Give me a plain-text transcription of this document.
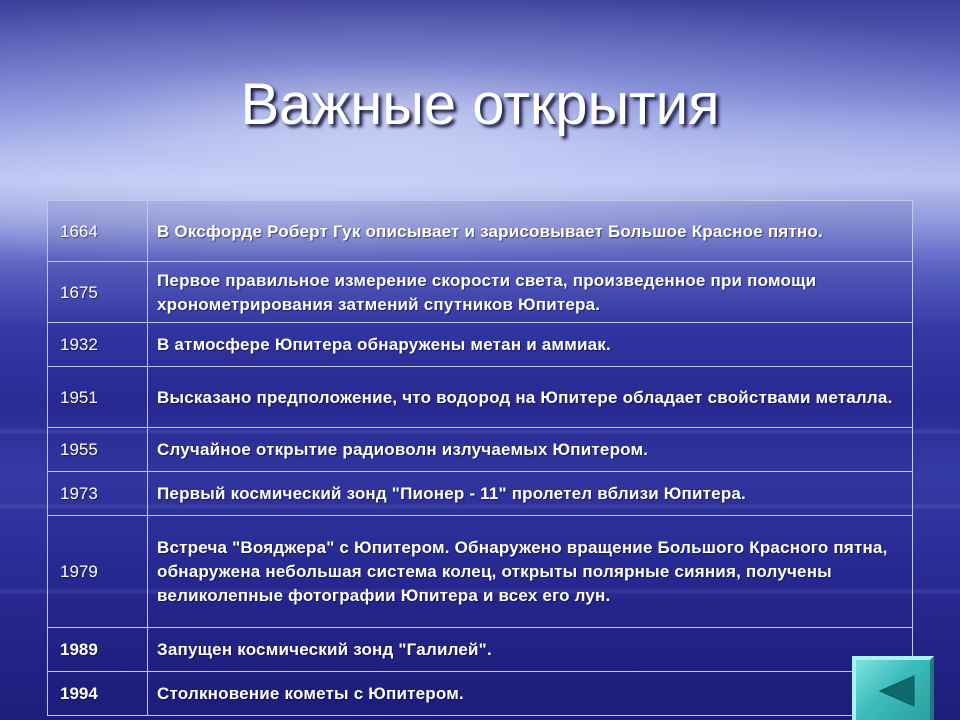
Важные открытия
1664	В Оксфорде Роберт Гук описывает и зарисовывает Большое Красное пятно.
1675	Первое правильное измерение скорости света, произведенное при помощи хронометрирования затмений спутников Юпитера.
1932	В атмосфере Юпитера обнаружены метан и аммиак.
1951	Высказано предположение, что водород на Юпитере обладает свойствами металла.
1955	Случайное открытие радиоволн излучаемых Юпитером.
1973	Первый космический зонд "Пионер - 11" пролетел вблизи Юпитера.
1979	Встреча "Вояджера" с Юпитером. Обнаружено вращение Большого Красного пятна, обнаружена небольшая система колец, открыты полярные сияния, получены великолепные фотографии Юпитера и всех его лун.
1989	Запущен космический зонд "Галилей".
1994	Столкновение кометы с Юпитером.
